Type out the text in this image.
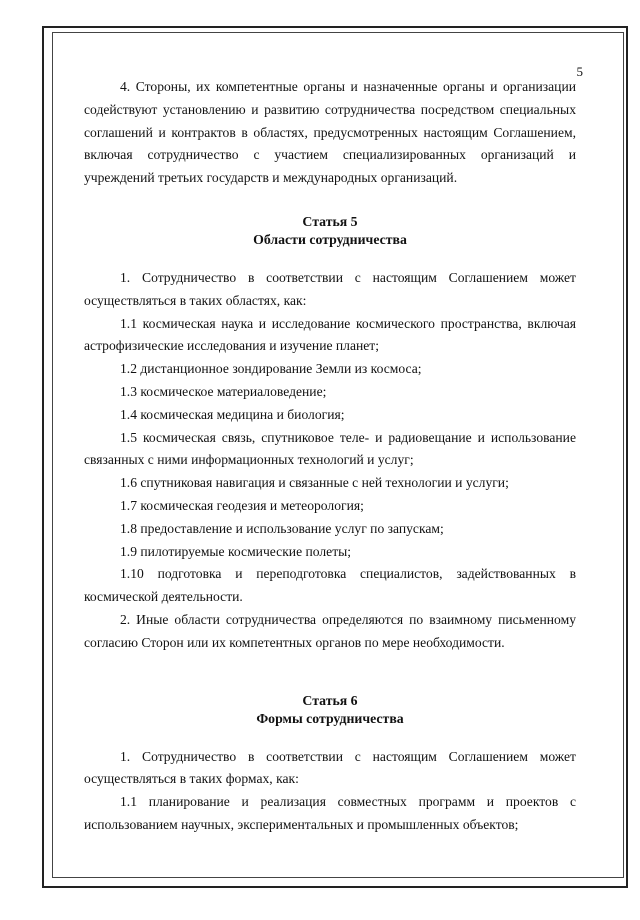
5

4. Стороны, их компетентные органы и назначенные органы и организации содействуют установлению и развитию сотрудничества посредством специальных соглашений и контрактов в областях, предусмотренных настоящим Соглашением, включая сотрудничество с участием специализированных организаций и учреждений третьих государств и международных организаций.

Статья 5
Области сотрудничества

1. Сотрудничество в соответствии с настоящим Соглашением может осуществляться в таких областях, как:

1.1 космическая наука и исследование космического пространства, включая астрофизические исследования и изучение планет;

1.2 дистанционное зондирование Земли из космоса;

1.3 космическое материаловедение;

1.4 космическая медицина и биология;

1.5 космическая связь, спутниковое теле- и радиовещание и использование связанных с ними информационных технологий и услуг;

1.6 спутниковая навигация и связанные с ней технологии и услуги;

1.7 космическая геодезия и метеорология;

1.8 предоставление и использование услуг по запускам;

1.9 пилотируемые космические полеты;

1.10 подготовка и переподготовка специалистов, задействованных в космической деятельности.

2. Иные области сотрудничества определяются по взаимному письменному согласию Сторон или их компетентных органов по мере необходимости.

Статья 6
Формы сотрудничества

1. Сотрудничество в соответствии с настоящим Соглашением может осуществляться в таких формах, как:

1.1 планирование и реализация совместных программ и проектов с использованием научных, экспериментальных и промышленных объектов;
